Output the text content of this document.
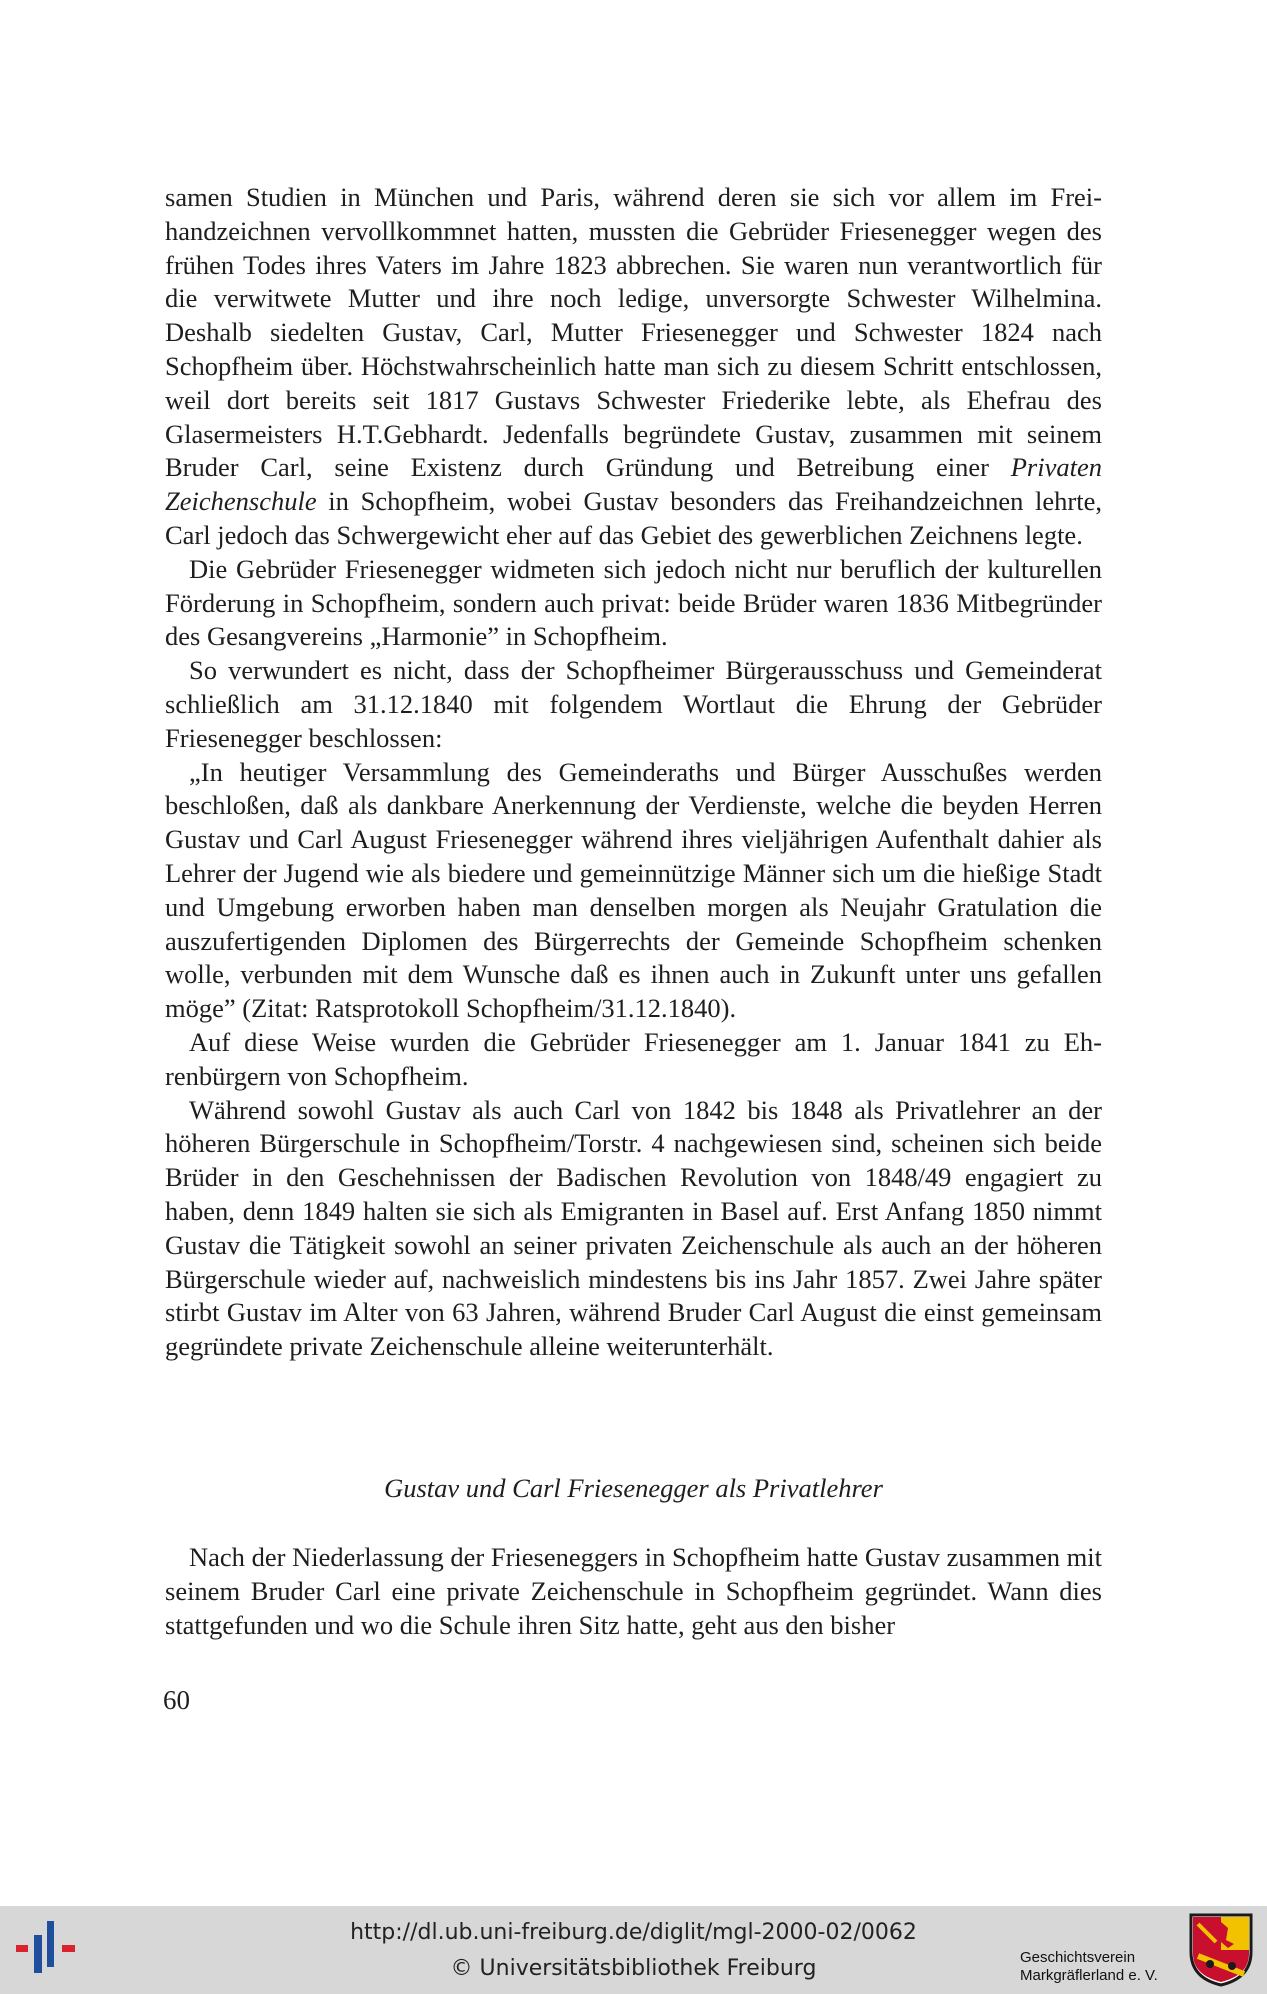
samen Studien in München und Paris, während deren sie sich vor allem im Freihandzeichnen vervollkommnet hatten, mussten die Gebrüder Friesenegger wegen des frühen Todes ihres Vaters im Jahre 1823 abbrechen. Sie waren nun verantwortlich für die verwitwete Mutter und ihre noch ledige, unversorgte Schwester Wilhelmina. Deshalb siedelten Gustav, Carl, Mutter Friesenegger und Schwester 1824 nach Schopfheim über. Höchstwahrscheinlich hatte man sich zu diesem Schritt entschlossen, weil dort bereits seit 1817 Gustavs Schwester Friederike lebte, als Ehefrau des Glasermeisters H.T.Gebhardt. Jedenfalls begründete Gustav, zusammen mit seinem Bruder Carl, seine Existenz durch Gründung und Betreibung einer Privaten Zeichenschule in Schopfheim, wobei Gustav besonders das Freihandzeichnen lehrte, Carl jedoch das Schwergewicht eher auf das Gebiet des gewerblichen Zeichnens legte.

Die Gebrüder Friesenegger widmeten sich jedoch nicht nur beruflich der kulturellen Förderung in Schopfheim, sondern auch privat: beide Brüder waren 1836 Mitbegründer des Gesangvereins „Harmonie” in Schopfheim.

So verwundert es nicht, dass der Schopfheimer Bürgerausschuss und Gemeinderat schließlich am 31.12.1840 mit folgendem Wortlaut die Ehrung der Gebrüder Friesenegger beschlossen:

„In heutiger Versammlung des Gemeinderaths und Bürger Ausschußes werden beschloßen, daß als dankbare Anerkennung der Verdienste, welche die beyden Herren Gustav und Carl August Friesenegger während ihres vieljährigen Aufenthalt dahier als Lehrer der Jugend wie als biedere und gemeinnützige Männer sich um die hießige Stadt und Umgebung erworben haben man denselben morgen als Neujahr Gratulation die auszufertigenden Diplomen des Bürgerrechts der Gemeinde Schopfheim schenken wolle, verbunden mit dem Wunsche daß es ihnen auch in Zukunft unter uns gefallen möge” (Zitat: Ratsprotokoll Schopfheim/31.12.1840).

Auf diese Weise wurden die Gebrüder Friesenegger am 1. Januar 1841 zu Ehrenbürgern von Schopfheim.

Während sowohl Gustav als auch Carl von 1842 bis 1848 als Privatlehrer an der höheren Bürgerschule in Schopfheim/Torstr. 4 nachgewiesen sind, scheinen sich beide Brüder in den Geschehnissen der Badischen Revolution von 1848/49 engagiert zu haben, denn 1849 halten sie sich als Emigranten in Basel auf. Erst Anfang 1850 nimmt Gustav die Tätigkeit sowohl an seiner privaten Zeichenschule als auch an der höheren Bürgerschule wieder auf, nachweislich mindestens bis ins Jahr 1857. Zwei Jahre später stirbt Gustav im Alter von 63 Jahren, während Bruder Carl August die einst gemeinsam gegründete private Zeichenschule alleine weiterunterhält.

Gustav und Carl Friesenegger als Privatlehrer

Nach der Niederlassung der Frieseneggers in Schopfheim hatte Gustav zusammen mit seinem Bruder Carl eine private Zeichenschule in Schopfheim gegründet. Wann dies stattgefunden und wo die Schule ihren Sitz hatte, geht aus den bisher

60
http://dl.ub.uni-freiburg.de/diglit/mgl-2000-02/0062
© Universitätsbibliothek Freiburg	Geschichtsverein
Markgräflerland e. V.
